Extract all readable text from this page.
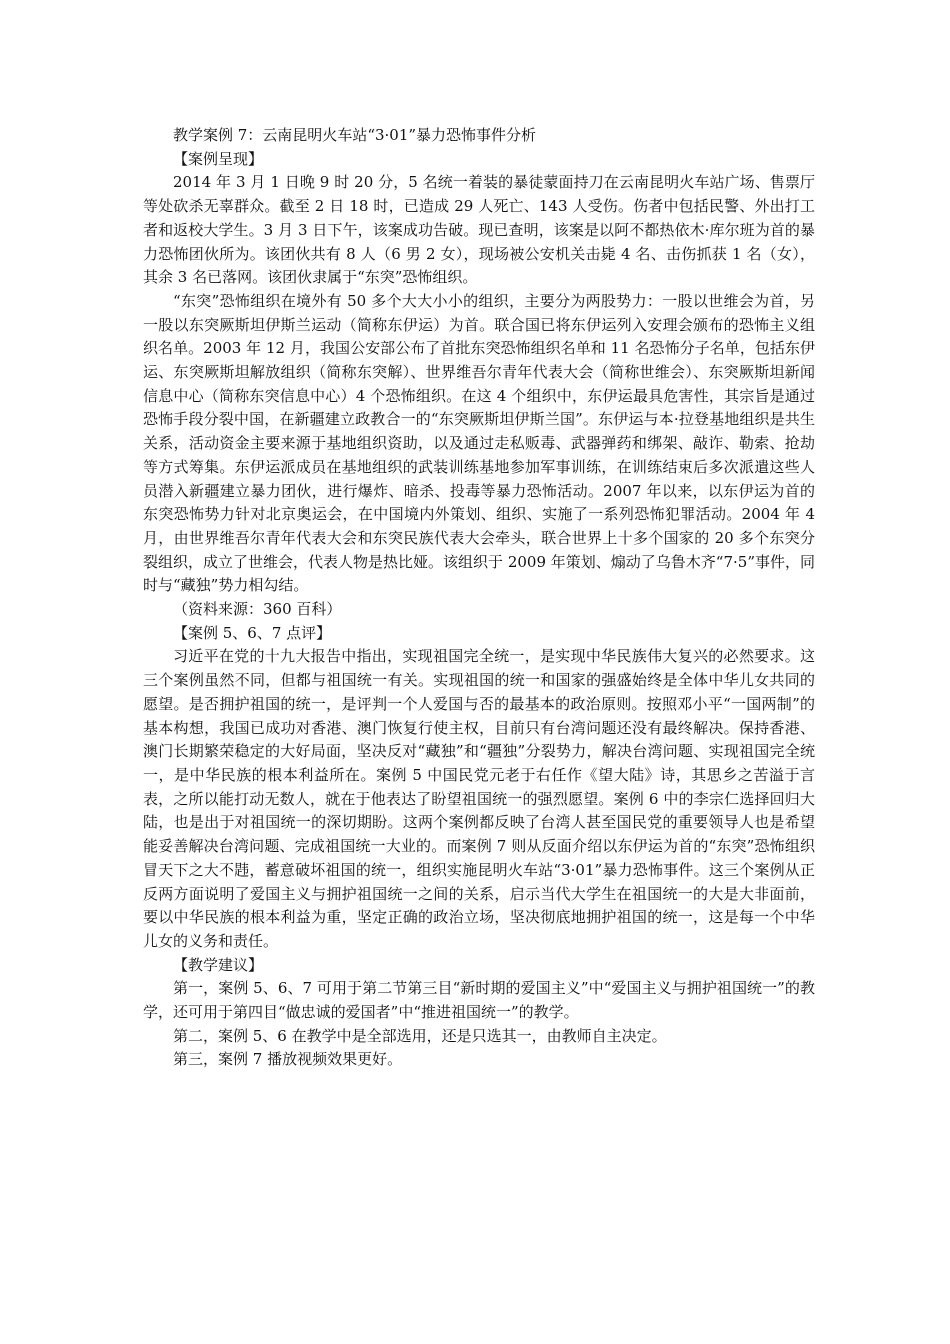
教学案例 7：云南昆明火车站“3·01”暴力恐怖事件分析

【案例呈现】

2014 年 3 月 1 日晚 9 时 20 分，5 名统一着装的暴徒蒙面持刀在云南昆明火车站广场、售票厅等处砍杀无辜群众。截至 2 日 18 时，已造成 29 人死亡、143 人受伤。伤者中包括民警、外出打工者和返校大学生。3 月 3 日下午，该案成功告破。现已查明，该案是以阿不都热依木·库尔班为首的暴力恐怖团伙所为。该团伙共有 8 人（6 男 2 女），现场被公安机关击毙 4 名、击伤抓获 1 名（女），其余 3 名已落网。该团伙隶属于“东突”恐怖组织。

“东突”恐怖组织在境外有 50 多个大大小小的组织，主要分为两股势力：一股以世维会为首，另一股以东突厥斯坦伊斯兰运动（简称东伊运）为首。联合国已将东伊运列入安理会颁布的恐怖主义组织名单。2003 年 12 月，我国公安部公布了首批东突恐怖组织名单和 11 名恐怖分子名单，包括东伊运、东突厥斯坦解放组织（简称东突解）、世界维吾尔青年代表大会（简称世维会）、东突厥斯坦新闻信息中心（简称东突信息中心）4 个恐怖组织。在这 4 个组织中，东伊运最具危害性，其宗旨是通过恐怖手段分裂中国，在新疆建立政教合一的“东突厥斯坦伊斯兰国”。东伊运与本·拉登基地组织是共生关系，活动资金主要来源于基地组织资助，以及通过走私贩毒、武器弹药和绑架、敲诈、勒索、抢劫等方式筹集。东伊运派成员在基地组织的武装训练基地参加军事训练，在训练结束后多次派遣这些人员潜入新疆建立暴力团伙，进行爆炸、暗杀、投毒等暴力恐怖活动。2007 年以来，以东伊运为首的东突恐怖势力针对北京奥运会，在中国境内外策划、组织、实施了一系列恐怖犯罪活动。2004 年 4 月，由世界维吾尔青年代表大会和东突民族代表大会牵头，联合世界上十多个国家的 20 多个东突分裂组织，成立了世维会，代表人物是热比娅。该组织于 2009 年策划、煽动了乌鲁木齐“7·5”事件，同时与“藏独”势力相勾结。

（资料来源：360 百科）

【案例 5、6、7 点评】

习近平在党的十九大报告中指出，实现祖国完全统一，是实现中华民族伟大复兴的必然要求。这三个案例虽然不同，但都与祖国统一有关。实现祖国的统一和国家的强盛始终是全体中华儿女共同的愿望。是否拥护祖国的统一，是评判一个人爱国与否的最基本的政治原则。按照邓小平“一国两制”的基本构想，我国已成功对香港、澳门恢复行使主权，目前只有台湾问题还没有最终解决。保持香港、澳门长期繁荣稳定的大好局面，坚决反对“藏独”和“疆独”分裂势力，解决台湾问题、实现祖国完全统一，是中华民族的根本利益所在。案例 5 中国民党元老于右任作《望大陆》诗，其思乡之苦溢于言表，之所以能打动无数人，就在于他表达了盼望祖国统一的强烈愿望。案例 6 中的李宗仁选择回归大陆，也是出于对祖国统一的深切期盼。这两个案例都反映了台湾人甚至国民党的重要领导人也是希望能妥善解决台湾问题、完成祖国统一大业的。而案例 7 则从反面介绍以东伊运为首的“东突”恐怖组织冒天下之大不韪，蓄意破坏祖国的统一，组织实施昆明火车站“3·01”暴力恐怖事件。这三个案例从正反两方面说明了爱国主义与拥护祖国统一之间的关系，启示当代大学生在祖国统一的大是大非面前，要以中华民族的根本利益为重，坚定正确的政治立场，坚决彻底地拥护祖国的统一，这是每一个中华儿女的义务和责任。

【教学建议】

第一，案例 5、6、7 可用于第二节第三目“新时期的爱国主义”中“爱国主义与拥护祖国统一”的教学，还可用于第四目“做忠诚的爱国者”中“推进祖国统一”的教学。

第二，案例 5、6 在教学中是全部选用，还是只选其一，由教师自主决定。

第三，案例 7 播放视频效果更好。
